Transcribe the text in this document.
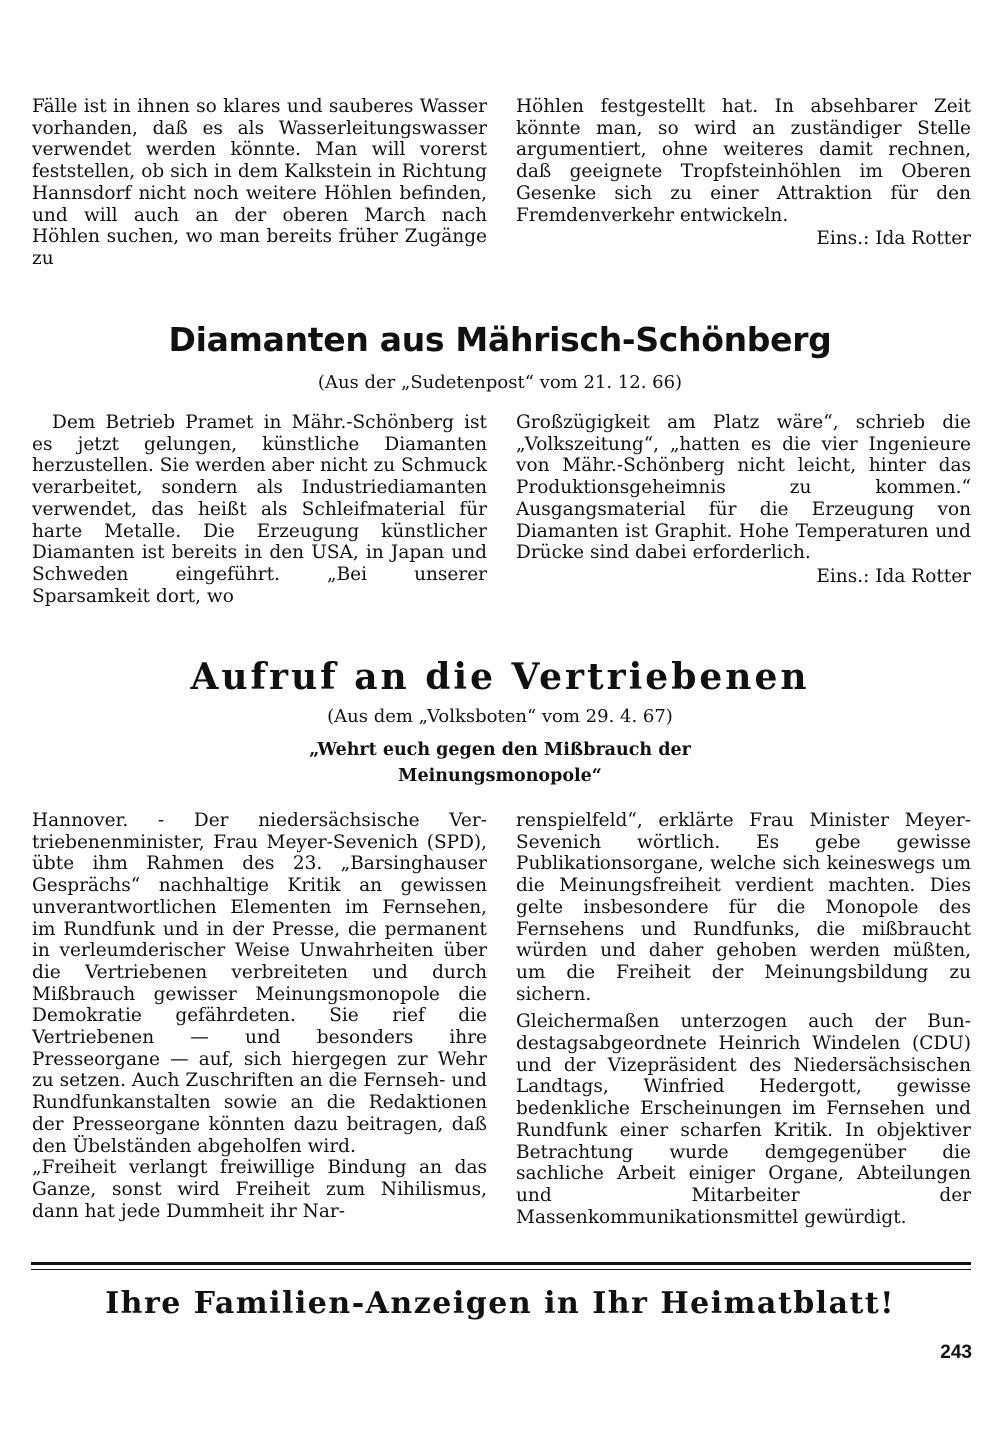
Fälle ist in ihnen so klares und sauberes Wasser vorhanden, daß es als Wasserleitungswasser verwendet werden könnte. Man will vorerst feststellen, ob sich in dem Kalkstein in Richtung Hannsdorf nicht noch weitere Höhlen befinden, und will auch an der oberen March nach Höhlen suchen, wo man bereits früher Zugänge zu

Höhlen festgestellt hat. In absehbarer Zeit könnte man, so wird an zuständiger Stelle argumentiert, ohne weiteres damit rechnen, daß geeignete Tropfsteinhöhlen im Oberen Gesenke sich zu einer Attraktion für den Fremdenverkehr entwickeln.

Eins.: Ida Rotter

Diamanten aus Mährisch-Schönberg
(Aus der „Sudetenpost“ vom 21. 12. 66)

Dem Betrieb Pramet in Mähr.-Schönberg ist es jetzt gelungen, künstliche Diamanten herzustellen. Sie werden aber nicht zu Schmuck verarbeitet, sondern als Industriediamanten verwendet, das heißt als Schleifmaterial für harte Metalle. Die Erzeugung künstlicher Diamanten ist bereits in den USA, in Japan und Schweden eingeführt. „Bei unserer Sparsamkeit dort, wo

Großzügigkeit am Platz wäre“, schrieb die „Volkszeitung“, „hatten es die vier Ingenieure von Mähr.-Schönberg nicht leicht, hinter das Produktionsgeheimnis zu kommen.“ Ausgangsmaterial für die Erzeugung von Diamanten ist Graphit. Hohe Temperaturen und Drücke sind dabei erforderlich.

Eins.: Ida Rotter

Aufruf an die Vertriebenen
(Aus dem „Volksboten“ vom 29. 4. 67)
„Wehrt euch gegen den Mißbrauch der
Meinungsmonopole“

Hannover. - Der niedersächsische Vertriebenenminister, Frau Meyer-Sevenich (SPD), übte ihm Rahmen des 23. „Barsinghauser Gesprächs“ nachhaltige Kritik an gewissen unverantwortlichen Elementen im Fernsehen, im Rundfunk und in der Presse, die permanent in verleumderischer Weise Unwahrheiten über die Vertriebenen verbreiteten und durch Mißbrauch gewisser Meinungsmonopole die Demokratie gefährdeten. Sie rief die Vertriebenen — und besonders ihre Presseorgane — auf, sich hiergegen zur Wehr zu setzen. Auch Zuschriften an die Fernseh- und Rundfunkanstalten sowie an die Redaktionen der Presseorgane könnten dazu beitragen, daß den Übelständen abgeholfen wird.

„Freiheit verlangt freiwillige Bindung an das Ganze, sonst wird Freiheit zum Nihilismus, dann hat jede Dummheit ihr Nar-

renspielfeld“, erklärte Frau Minister Meyer-Sevenich wörtlich. Es gebe gewisse Publikationsorgane, welche sich keineswegs um die Meinungsfreiheit verdient machten. Dies gelte insbesondere für die Monopole des Fernsehens und Rundfunks, die mißbraucht würden und daher gehoben werden müßten, um die Freiheit der Meinungsbildung zu sichern.

Gleichermaßen unterzogen auch der Bundestagsabgeordnete Heinrich Windelen (CDU) und der Vizepräsident des Niedersächsischen Landtags, Winfried Hedergott, gewisse bedenkliche Erscheinungen im Fernsehen und Rundfunk einer scharfen Kritik. In objektiver Betrachtung wurde demgegenüber die sachliche Arbeit einiger Organe, Abteilungen und Mitarbeiter der Massenkommunikationsmittel gewürdigt.

Ihre Familien-Anzeigen in Ihr Heimatblatt!
243
